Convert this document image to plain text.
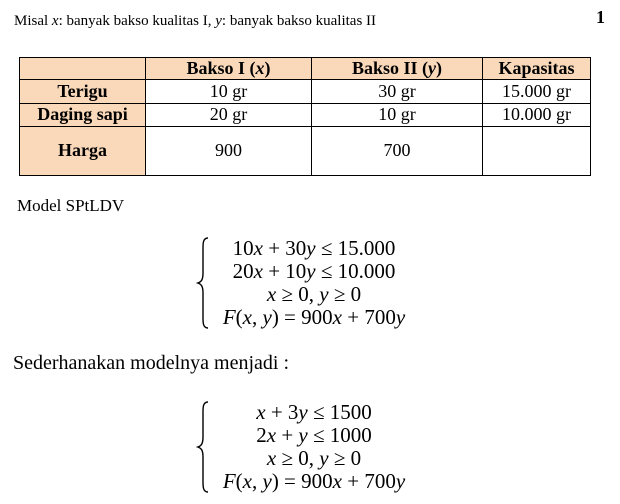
Misal x: banyak bakso kualitas I, y: banyak bakso kualitas II	1
	Bakso I (x)	Bakso II (y)	Kapasitas
Terigu	10 gr	30 gr	15.000 gr
Daging sapi	20 gr	10 gr	10.000 gr
Harga	900	700	
Model SPtLDV
10x + 30y ≤ 15.000
20x + 10y ≤ 10.000
x ≥ 0, y ≥ 0
F(x, y) = 900x + 700y
Sederhanakan modelnya menjadi :
x + 3y ≤ 1500
2x + y ≤ 1000
x ≥ 0, y ≥ 0
F(x, y) = 900x + 700y
